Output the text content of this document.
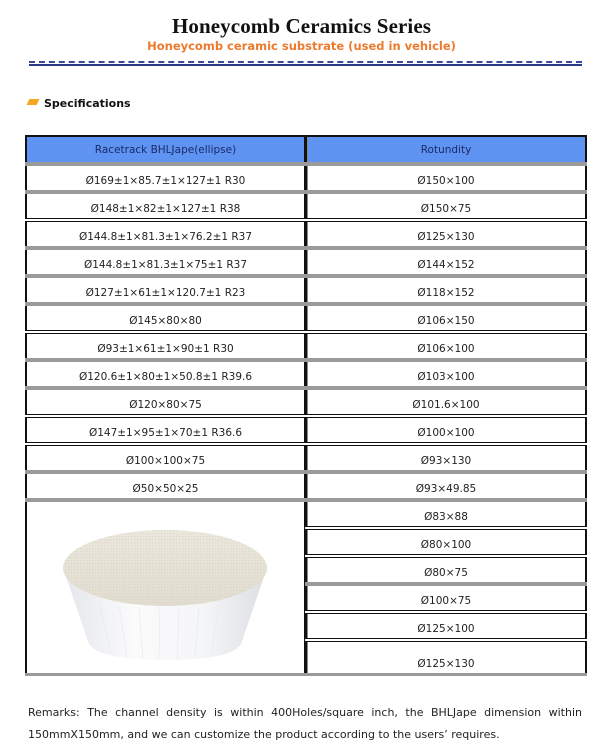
Honeycomb Ceramics Series
Honeycomb ceramic substrate (used in vehicle)
Specifications
Racetrack BHLJape(ellipse)
Ø169±1×85.7±1×127±1 R30
Ø148±1×82±1×127±1 R38
Ø144.8±1×81.3±1×76.2±1 R37
Ø144.8±1×81.3±1×75±1 R37
Ø127±1×61±1×120.7±1 R23
Ø145×80×80
Ø93±1×61±1×90±1 R30
Ø120.6±1×80±1×50.8±1 R39.6
Ø120×80×75
Ø147±1×95±1×70±1 R36.6
Ø100×100×75
Ø50×50×25
Rotundity
Ø150×100
Ø150×75
Ø125×130
Ø144×152
Ø118×152
Ø106×150
Ø106×100
Ø103×100
Ø101.6×100
Ø100×100
Ø93×130
Ø93×49.85
Ø83×88
Ø80×100
Ø80×75
Ø100×75
Ø125×100
Ø125×130
Remarks: The channel density is within 400Holes/square inch, the BHLJape dimension within 150mmX150mm, and we can customize the product according to the users’ requires.
